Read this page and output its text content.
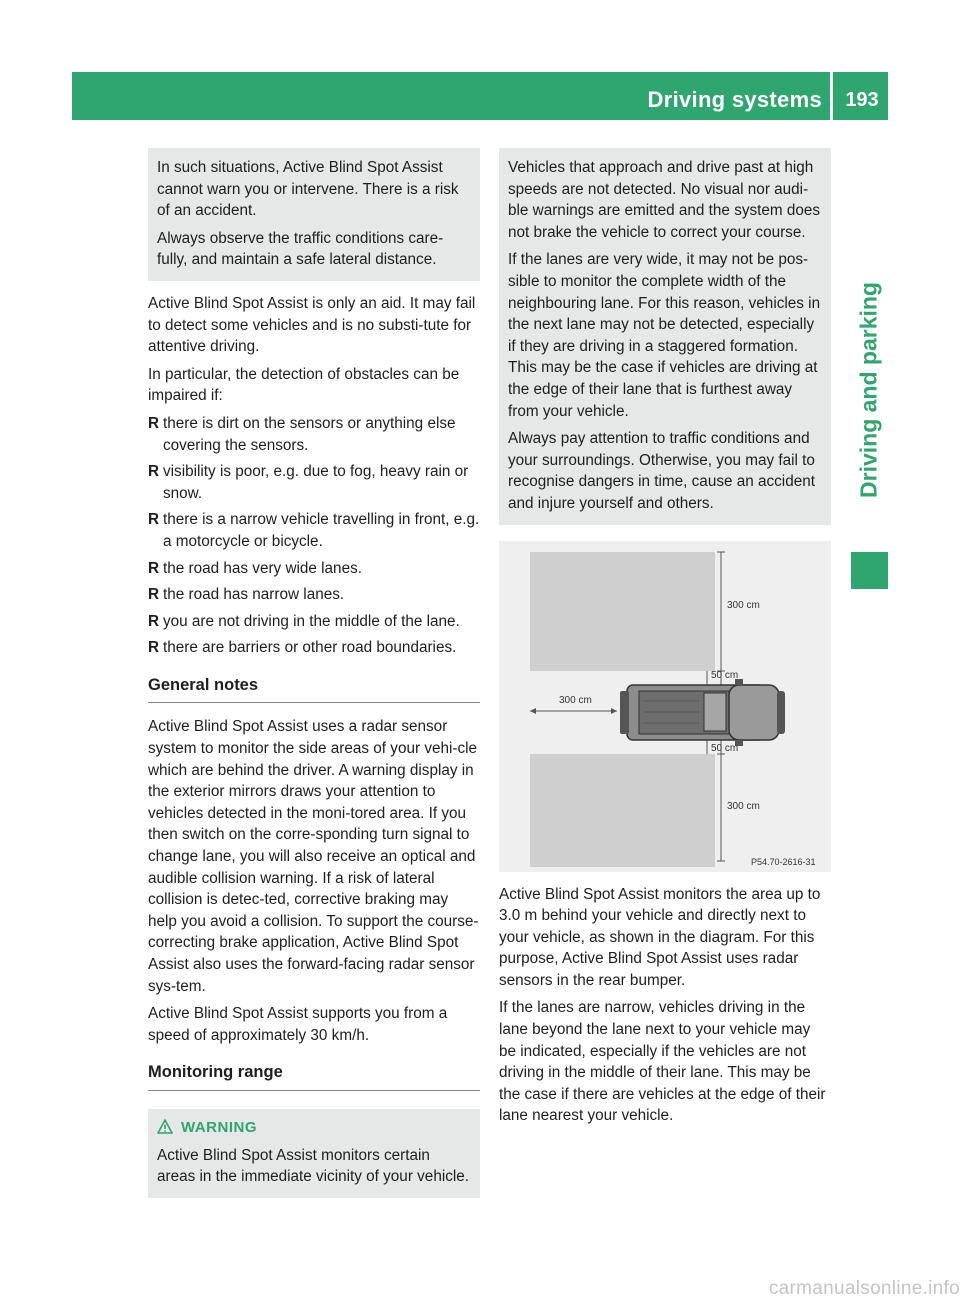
Driving systems	193
Driving and parking

In such situations, Active Blind Spot Assist cannot warn you or intervene. There is a risk of an accident.

Always observe the traffic conditions care-fully, and maintain a safe lateral distance.

Active Blind Spot Assist is only an aid. It may fail to detect some vehicles and is no substi-tute for attentive driving.

In particular, the detection of obstacles can be impaired if:

R there is dirt on the sensors or anything else covering the sensors.
R visibility is poor, e.g. due to fog, heavy rain or snow.
R there is a narrow vehicle travelling in front, e.g. a motorcycle or bicycle.
R the road has very wide lanes.
R the road has narrow lanes.
R you are not driving in the middle of the lane.
R there are barriers or other road boundaries.
General notes

Active Blind Spot Assist uses a radar sensor system to monitor the side areas of your vehi-cle which are behind the driver. A warning display in the exterior mirrors draws your attention to vehicles detected in the moni-tored area. If you then switch on the corre-sponding turn signal to change lane, you will also receive an optical and audible collision warning. If a risk of lateral collision is detec-ted, corrective braking may help you avoid a collision. To support the course-correcting brake application, Active Blind Spot Assist also uses the forward-facing radar sensor sys-tem.

Active Blind Spot Assist supports you from a speed of approximately 30 km/h.

Monitoring range
WARNING
Active Blind Spot Assist monitors certain areas in the immediate vicinity of your vehicle.

Vehicles that approach and drive past at high speeds are not detected. No visual nor audi-ble warnings are emitted and the system does not brake the vehicle to correct your course.

If the lanes are very wide, it may not be pos-sible to monitor the complete width of the neighbouring lane. For this reason, vehicles in the next lane may not be detected, especially if they are driving in a staggered formation. This may be the case if vehicles are driving at the edge of their lane that is furthest away from your vehicle.

Always pay attention to traffic conditions and your surroundings. Otherwise, you may fail to recognise dangers in time, cause an accident and injure yourself and others.

300 cm
50 cm
300 cm
50 cm
300 cm
P54.70-2616-31

Active Blind Spot Assist monitors the area up to 3.0 m behind your vehicle and directly next to your vehicle, as shown in the diagram. For this purpose, Active Blind Spot Assist uses radar sensors in the rear bumper.

If the lanes are narrow, vehicles driving in the lane beyond the lane next to your vehicle may be indicated, especially if the vehicles are not driving in the middle of their lane. This may be the case if there are vehicles at the edge of their lane nearest your vehicle.

carmanualsonline.info
